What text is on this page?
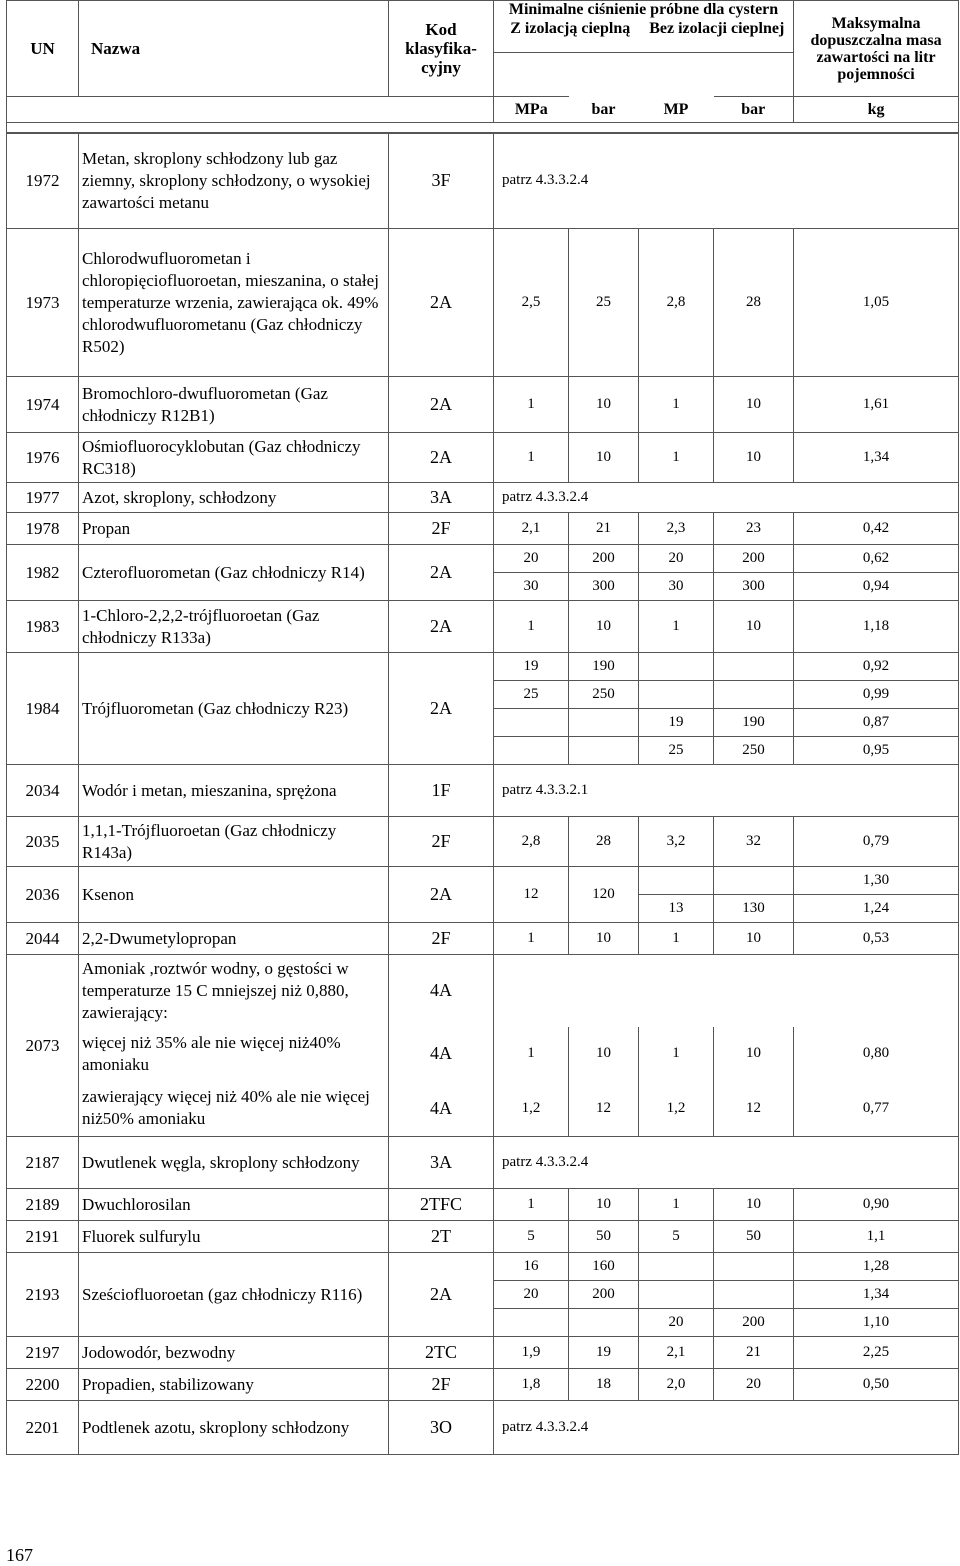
UN	Nazwa	Kod klasyfika-cyjny	Minimalne ciśnienie próbne dla cystern
Z izolacją cieplną Bez izolacji cieplnej				Maksymalna dopuszczalna masa zawartości na litr pojemności

			MPa	bar	MP	bar	kg

1972	Metan, skroplony schłodzony lub gaz ziemny, skroplony schłodzony, o wysokiej zawartości metanu	3F	patrz 4.3.3.2.4				
1973	Chlorodwufluorometan i chloropięciofluoroetan, mieszanina, o stałej temperaturze wrzenia, zawierająca ok. 49% chlorodwufluorometanu (Gaz chłodniczy R502)	2A	2,5	25	2,8	28	1,05
1974	Bromochloro-dwufluorometan (Gaz chłodniczy R12B1)	2A	1	10	1	10	1,61
1976	Ośmiofluorocyklobutan (Gaz chłodniczy RC318)	2A	1	10	1	10	1,34
1977	Azot, skroplony, schłodzony	3A	patrz 4.3.3.2.4				
1978	Propan	2F	2,1	21	2,3	23	0,42
1982	Czterofluorometan (Gaz chłodniczy R14)	2A	20	200	20	200	0,62
			30	300	30	300	0,94
1983	1-Chloro-2,2,2-trójfluoroetan (Gaz chłodniczy R133a)	2A	1	10	1	10	1,18
1984	Trójfluorometan (Gaz chłodniczy R23)	2A	19	190			0,92
			25	250			0,99
					19	190	0,87
					25	250	0,95
2034	Wodór i metan, mieszanina, sprężona	1F	patrz 4.3.3.2.1				
2035	1,1,1-Trójfluoroetan (Gaz chłodniczy R143a)	2F	2,8	28	3,2	32	0,79
2036	Ksenon	2A	12	120			1,30
					13	130	1,24
2044	2,2-Dwumetylopropan	2F	1	10	1	10	0,53
2073	Amoniak ,roztwór wodny, o gęstości w temperaturze 15 C mniejszej niż 0,880, zawierający:	4A					
	więcej niż 35% ale nie więcej niż40% amoniaku	4A	1	10	1	10	0,80
	zawierający więcej niż 40% ale nie więcej niż50% amoniaku	4A	1,2	12	1,2	12	0,77
2187	Dwutlenek węgla, skroplony schłodzony	3A	patrz 4.3.3.2.4				
2189	Dwuchlorosilan	2TFC	1	10	1	10	0,90
2191	Fluorek sulfurylu	2T	5	50	5	50	1,1
2193	Sześciofluoroetan (gaz chłodniczy R116)	2A	16	160			1,28
			20	200			1,34
					20	200	1,10
2197	Jodowodór, bezwodny	2TC	1,9	19	2,1	21	2,25
2200	Propadien, stabilizowany	2F	1,8	18	2,0	20	0,50
2201	Podtlenek azotu, skroplony schłodzony	3O	patrz 4.3.3.2.4				
167
